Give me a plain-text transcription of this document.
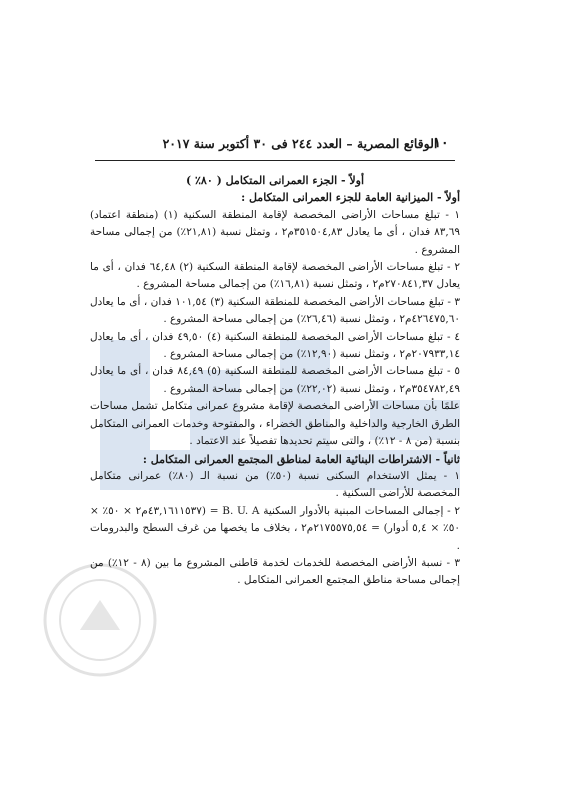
١٠
الوقائع المصرية – العدد ٢٤٤ فى ٣٠ أكتوبر سنة ٢٠١٧

أولاً - الجزء العمرانى المتكامل ( ٨٠٪ )

أولاً - الميزانية العامة للجزء العمرانى المتكامل :

١ - تبلغ مساحات الأراضى المخصصة لإقامة المنطقة السكنية (١) (منطقة اعتماد) ٨٣,٦٩ فدان ، أى ما يعادل ٣٥١٥٠٤,٨٣م٢ ، وتمثل نسبة (٢١,٨١٪) من إجمالى مساحة المشروع .

٢ - تبلغ مساحات الأراضى المخصصة لإقامة المنطقة السكنية (٢) ٦٤,٤٨ فدان ، أى ما يعادل ٢٧٠٨٤١,٣٧م٢ ، وتمثل نسبة (١٦,٨١٪) من إجمالى مساحة المشروع .

٣ - تبلغ مساحات الأراضى المخصصة للمنطقة السكنية (٣) ١٠١,٥٤ فدان ، أى ما يعادل ٤٢٦٤٧٥,٦٠م٢ ، وتمثل نسبة (٢٦,٤٦٪) من إجمالى مساحة المشروع .

٤ - تبلغ مساحات الأراضى المخصصة للمنطقة السكنية (٤) ٤٩,٥٠ فدان ، أى ما يعادل ٢٠٧٩٣٣,١٤م٢ ، وتمثل نسبة (١٢,٩٠٪) من إجمالى مساحة المشروع .

٥ - تبلغ مساحات الأراضى المخصصة للمنطقة السكنية (٥) ٨٤,٤٩ فدان ، أى ما يعادل ٣٥٤٧٨٢,٤٩م٢ ، وتمثل نسبة (٢٢,٠٢٪) من إجمالى مساحة المشروع .

علمًا بأن مساحات الأراضى المخصصة لإقامة مشروع عمرانى متكامل تشمل مساحات الطرق الخارجية والداخلية والمناطق الخضراء ، والمفتوحة وخدمات العمرانى المتكامل بنسبة (من ٨ - ١٢٪) ، والتى سيتم تحديدها تفصيلاً عند الاعتماد .

ثانياً - الاشتراطات البنائية العامة لمناطق المجتمع العمرانى المتكامل :

١ - يمثل الاستخدام السكنى نسبة (٥٠٪) من نسبة الـ (٨٠٪) عمرانى متكامل المخصصة للأراضى السكنية .

٢ - إجمالى المساحات المبنية بالأدوار السكنية B. U. A = (٤٣,١٦١١٥٣٧م٢ × ٥٠٪ × ٥٠٪ × ٥,٤ أدوار) = ٢١٧٥٥٧٥,٥٤م٢ ، بخلاف ما يخصها من غرف السطح والبدرومات .

٣ - نسبة الأراضى المخصصة للخدمات لخدمة قاطنى المشروع ما بين (٨ - ١٢٪) من إجمالى مساحة مناطق المجتمع العمرانى المتكامل .
